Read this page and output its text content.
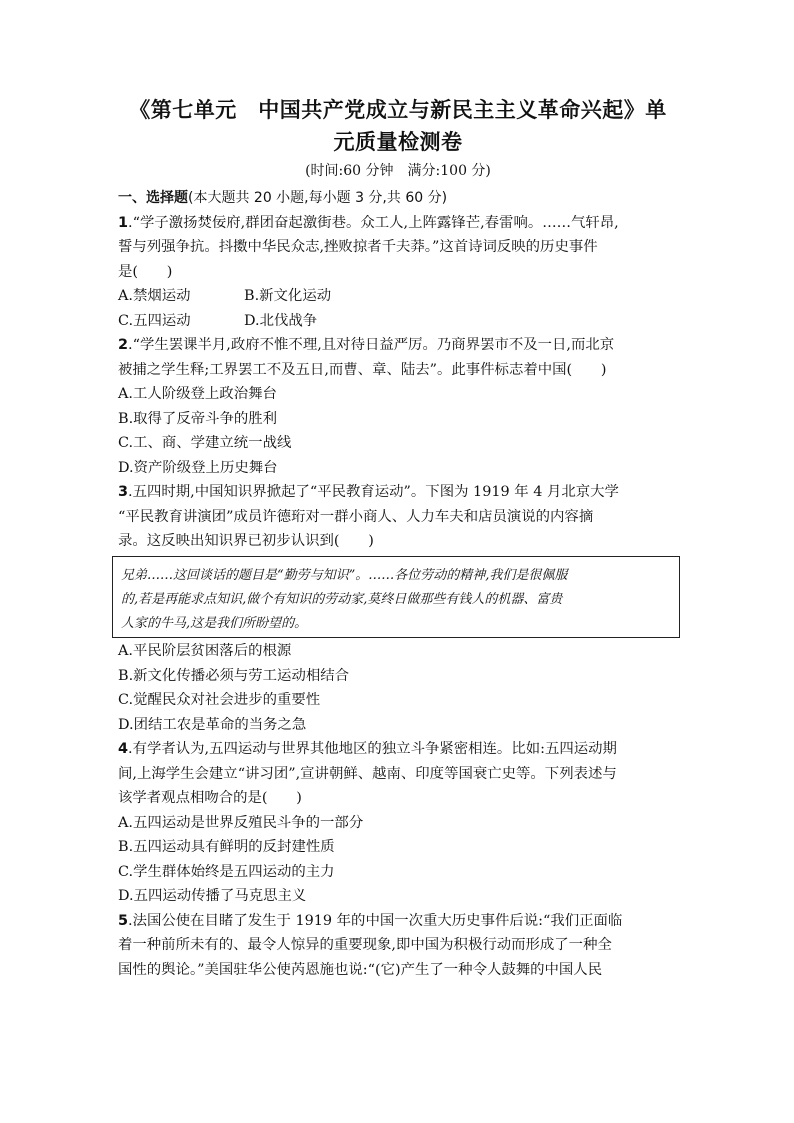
《第七单元　中国共产党成立与新民主主义革命兴起》单
元质量检测卷
(时间:60 分钟　满分:100 分)

一、选择题(本大题共 20 小题,每小题 3 分,共 60 分)

1.“学子激扬焚佞府,群团奋起激街巷。众工人,上阵露锋芒,春雷响。……气轩昂,

誓与列强争抗。抖擞中华民众志,挫败掠者千夫莽。”这首诗词反映的历史事件

是(　　)

A.禁烟运动	B.新文化运动

C.五四运动	D.北伐战争

2.“学生罢课半月,政府不惟不理,且对待日益严厉。乃商界罢市不及一日,而北京

被捕之学生释;工界罢工不及五日,而曹、章、陆去”。此事件标志着中国(　　)

A.工人阶级登上政治舞台

B.取得了反帝斗争的胜利

C.工、商、学建立统一战线

D.资产阶级登上历史舞台

3.五四时期,中国知识界掀起了“平民教育运动”。下图为 1919 年 4 月北京大学

“平民教育讲演团”成员许德珩对一群小商人、人力车夫和店员演说的内容摘

录。这反映出知识界已初步认识到(　　)

兄弟……这回谈话的题目是“勤劳与知识”。……各位劳动的精神,我们是很佩服
的,若是再能求点知识,做个有知识的劳动家,莫终日做那些有钱人的机器、富贵
人家的牛马,这是我们所盼望的。

A.平民阶层贫困落后的根源

B.新文化传播必须与劳工运动相结合

C.觉醒民众对社会进步的重要性

D.团结工农是革命的当务之急

4.有学者认为,五四运动与世界其他地区的独立斗争紧密相连。比如:五四运动期

间,上海学生会建立“讲习团”,宣讲朝鲜、越南、印度等国衰亡史等。下列表述与

该学者观点相吻合的是(　　)

A.五四运动是世界反殖民斗争的一部分

B.五四运动具有鲜明的反封建性质

C.学生群体始终是五四运动的主力

D.五四运动传播了马克思主义

5.法国公使在目睹了发生于 1919 年的中国一次重大历史事件后说:“我们正面临

着一种前所未有的、最令人惊异的重要现象,即中国为积极行动而形成了一种全

国性的舆论。”美国驻华公使芮恩施也说:“(它)产生了一种令人鼓舞的中国人民
